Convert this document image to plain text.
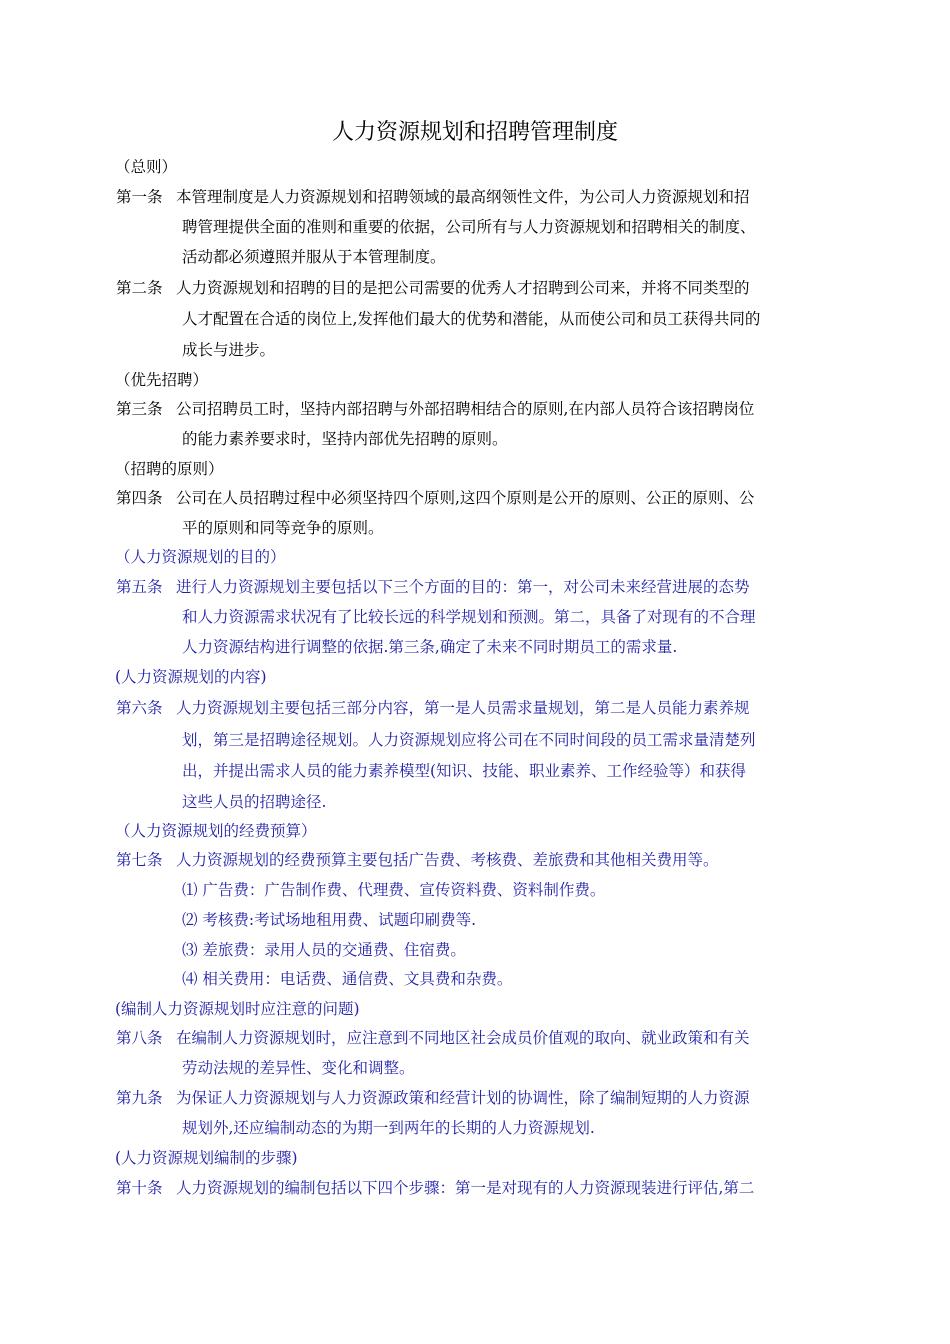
人力资源规划和招聘管理制度
（总则）
第一条 本管理制度是人力资源规划和招聘领域的最高纲领性文件，为公司人力资源规划和招
聘管理提供全面的准则和重要的依据，公司所有与人力资源规划和招聘相关的制度、
活动都必须遵照并服从于本管理制度。
第二条 人力资源规划和招聘的目的是把公司需要的优秀人才招聘到公司来，并将不同类型的
人才配置在合适的岗位上,发挥他们最大的优势和潜能，从而使公司和员工获得共同的
成长与进步。
（优先招聘）
第三条 公司招聘员工时，坚持内部招聘与外部招聘相结合的原则,在内部人员符合该招聘岗位
的能力素养要求时，坚持内部优先招聘的原则。
（招聘的原则）
第四条 公司在人员招聘过程中必须坚持四个原则,这四个原则是公开的原则、公正的原则、公
平的原则和同等竞争的原则。
（人力资源规划的目的）
第五条 进行人力资源规划主要包括以下三个方面的目的：第一，对公司未来经营进展的态势
和人力资源需求状况有了比较长远的科学规划和预测。第二，具备了对现有的不合理
人力资源结构进行调整的依据.第三条,确定了未来不同时期员工的需求量.
(人力资源规划的内容)
第六条 人力资源规划主要包括三部分内容，第一是人员需求量规划，第二是人员能力素养规
划，第三是招聘途径规划。人力资源规划应将公司在不同时间段的员工需求量清楚列
出，并提出需求人员的能力素养模型(知识、技能、职业素养、工作经验等）和获得
这些人员的招聘途径.
（人力资源规划的经费预算）
第七条 人力资源规划的经费预算主要包括广告费、考核费、差旅费和其他相关费用等。
⑴ 广告费：广告制作费、代理费、宣传资料费、资料制作费。
⑵ 考核费:考试场地租用费、试题印刷费等.
⑶ 差旅费：录用人员的交通费、住宿费。
⑷ 相关费用：电话费、通信费、文具费和杂费。
(编制人力资源规划时应注意的问题)
第八条 在编制人力资源规划时，应注意到不同地区社会成员价值观的取向、就业政策和有关
劳动法规的差异性、变化和调整。
第九条 为保证人力资源规划与人力资源政策和经营计划的协调性，除了编制短期的人力资源
规划外,还应编制动态的为期一到两年的长期的人力资源规划.
(人力资源规划编制的步骤)
第十条 人力资源规划的编制包括以下四个步骤：第一是对现有的人力资源现装进行评估,第二
